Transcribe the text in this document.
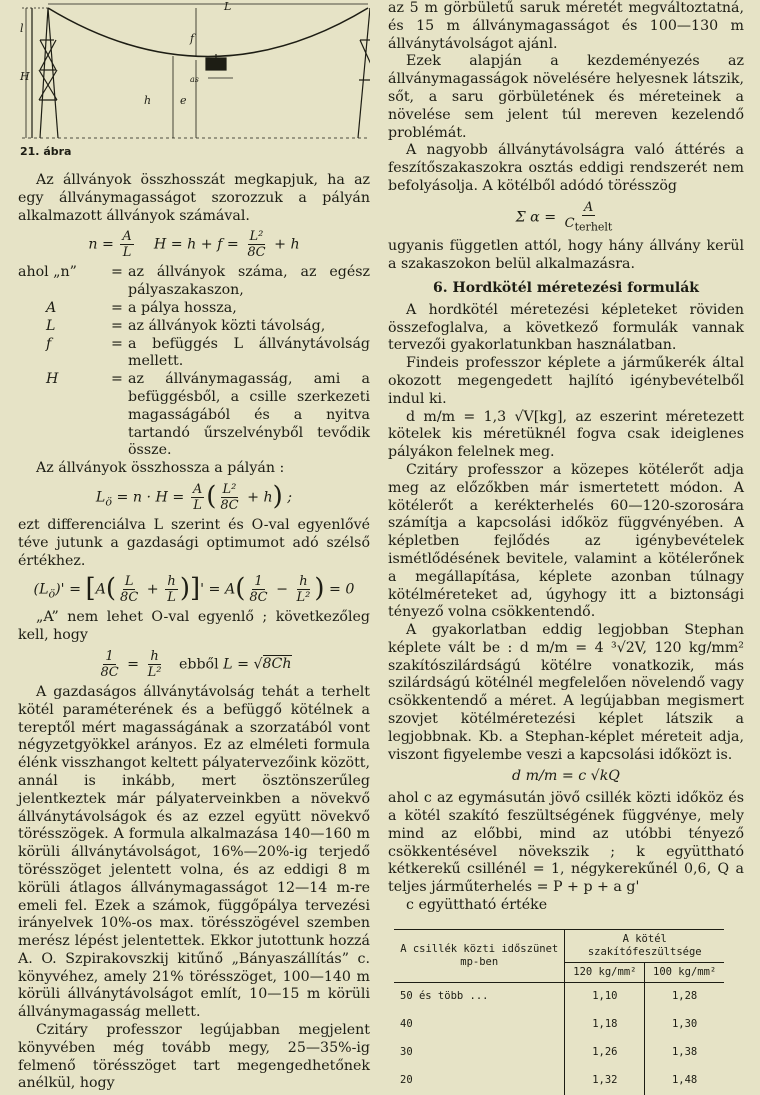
L
l
H
f
as
h	e
21. ábra

Az állványok összhosszát megkapjuk, ha az egy állványmagasságot szorozzuk a pályán alkalmazott állványok számával.

$n = \frac{A}{L}$ $H = h + f = \frac{\text{L²}}{8C} + h$
ahol „n”	= az állványok száma, az egész pályaszakaszon,
A	= a pálya hossza,
L	= az állványok közti távolság,
f	= a befüggés L állványtávolság mellett.
H	= az állványmagasság, ami a befüggésből, a csille szerkezeti magasságából és a nyitva tartandó űrszelvényből tevődik össze.

Az állványok összhossza a pályán :

$L_ö = n \cdot H = \frac{A}{L}$ ( $\frac{\text{L²}}{8C} + h$) ;

ezt differenciálva L szerint és O-val egyenlővé téve jutunk a gazdasági optimumot adó szélső értékhez.

$(L_ö)' = [A( \frac{L}{8C} + \frac{h}{L}$ )]' = $A( \frac{1}{8C} - \frac{h}{\text{L²}}$ ) = 0

„A” nem lehet O-val egyenlő ; következőleg kell, hogy

$\frac{1}{8C} = \frac{h}{\text{L²}}$ ebből L = √8Ch

A gazdaságos állványtávolság tehát a terhelt kötél paraméterének és a befüggő kötélnek a tereptől mért magasságának a szorzatából vont négyzetgyökkel arányos. Ez az elméleti formula élénk visszhangot keltett pályatervezőink között, annál is inkább, mert ösztönszerűleg jelentkeztek már pályaterveinkben a növekvő állványtávolságok és az ezzel együtt növekvő törésszögek. A formula alkalmazása 140—160 m körüli állványtávolságot, 16%—20%-ig terjedő törésszöget jelentett volna, és az eddigi 8 m körüli átlagos állványmagasságot 12—14 m-re emeli fel. Ezek a számok, függőpálya tervezési irányelvek 10%-os max. törésszögével szemben merész lépést jelentettek. Ekkor jutottunk hozzá A. O. Szpirakovszkij kitűnő „Bányaszállítás” c. könyvéhez, amely 21% törésszöget, 100—140 m körüli állványtávolságot említ, 10—15 m körüli állványmagasság mellett.

Czitáry professzor legújabban megjelent könyvében még tovább megy, 25—35%-ig felmenő törésszöget tart megengedhetőnek anélkül, hogy

az 5 m görbületű saruk méretét megváltoztatná, és 15 m állványmagasságot és 100—130 m állványtávolságot ajánl.

Ezek alapján a kezdeményezés az állványmagasságok növelésére helyesnek látszik, sőt, a saru görbületének és méreteinek a növelése sem jelent túl mereven kezelendő problémát.

A nagyobb állványtávolságra való áttérés a feszítőszakaszokra osztás eddigi rendszerét nem befolyásolja. A kötélből adódó törésszög

Σ $\alpha = \frac{A}{C_{terhelt}}$

ugyanis független attól, hogy hány állvány kerül a szakaszokon belül alkalmazásra.

6. Hordkötél méretezési formulák

A hordkötél méretezési képleteket röviden összefoglalva, a következő formulák vannak tervezői gyakorlatunkban használatban.

Findeis professzor képlete a járműkerék által okozott megengedett hajlító igénybevételből indul ki.

d m/m = 1,3 √V[kg], az eszerint méretezett kötelek kis méretüknél fogva csak ideiglenes pályákon felelnek meg.

Czitáry professzor a közepes kötélerőt adja meg az előzőkben már ismertetett módon. A kötélerőt a kerékterhelés 60—120-szorosára számítja a kapcsolási időköz függvényében. A képletben fejlődés az igénybevételek ismétlődésének bevitele, valamint a kötélerőnek a megállapítása, képlete azonban túlnagy kötélméreteket ad, úgyhogy itt a biztonsági tényező volna csökkentendő.

A gyakorlatban eddig legjobban Stephan képlete vált be : d m/m = 4 ³√2V, 120 kg/mm² szakítószilárdságú kötélre vonatkozik, más szilárdságú kötélnél megfelelően növelendő vagy csökkentendő a méret. A legújabban megismert szovjet kötélméretezési képlet látszik a legjobbnak. Kb. a Stephan-képlet méreteit adja, viszont figyelembe veszi a kapcsolási időközt is.

d m/m = c √kQ

ahol c az egymásután jövő csillék közti időköz és a kötél szakító feszültségének függvénye, mely mind az előbbi, mind az utóbbi tényező csökkentésével növekszik ; k együttható kétkerekű csillénél = 1, négykerekűnél 0,6, Q a teljes járműterhelés = P + p + a g'

c együttható értéke

A csillék közti időszünet mp-ben	A kötél szakítófeszültsége	
	120 kg/mm²	100 kg/mm²
50 és több ...	1,10	1,28
40	1,18	1,30
30	1,26	1,38
20	1,32	1,48
